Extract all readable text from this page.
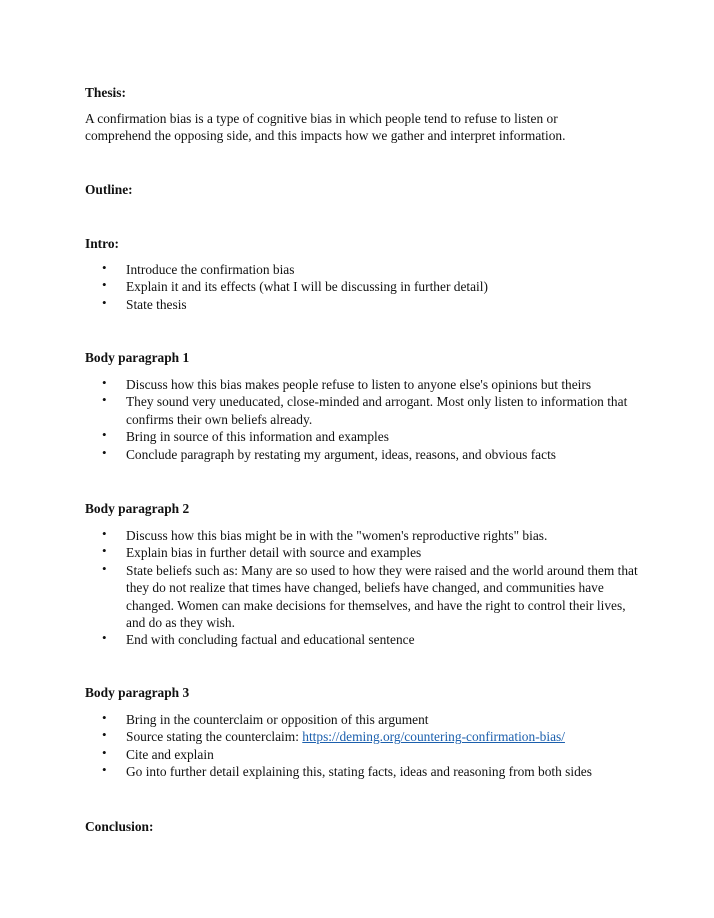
Thesis:
A confirmation bias is a type of cognitive bias in which people tend to refuse to listen or
comprehend the opposing side, and this impacts how we gather and interpret information.
Outline:
Intro:
• Introduce the confirmation bias
• Explain it and its effects (what I will be discussing in further detail)
• State thesis
Body paragraph 1
• Discuss how this bias makes people refuse to listen to anyone else's opinions but theirs
• They sound very uneducated, close-minded and arrogant. Most only listen to information that confirms their own beliefs already.
• Bring in source of this information and examples
• Conclude paragraph by restating my argument, ideas, reasons, and obvious facts
Body paragraph 2
• Discuss how this bias might be in with the "women's reproductive rights" bias.
• Explain bias in further detail with source and examples
• State beliefs such as: Many are so used to how they were raised and the world around them that they do not realize that times have changed, beliefs have changed, and communities have changed. Women can make decisions for themselves, and have the right to control their lives, and do as they wish.
• End with concluding factual and educational sentence
Body paragraph 3
• Bring in the counterclaim or opposition of this argument
• Source stating the counterclaim: https://deming.org/countering-confirmation-bias/
• Cite and explain
• Go into further detail explaining this, stating facts, ideas and reasoning from both sides
Conclusion:
